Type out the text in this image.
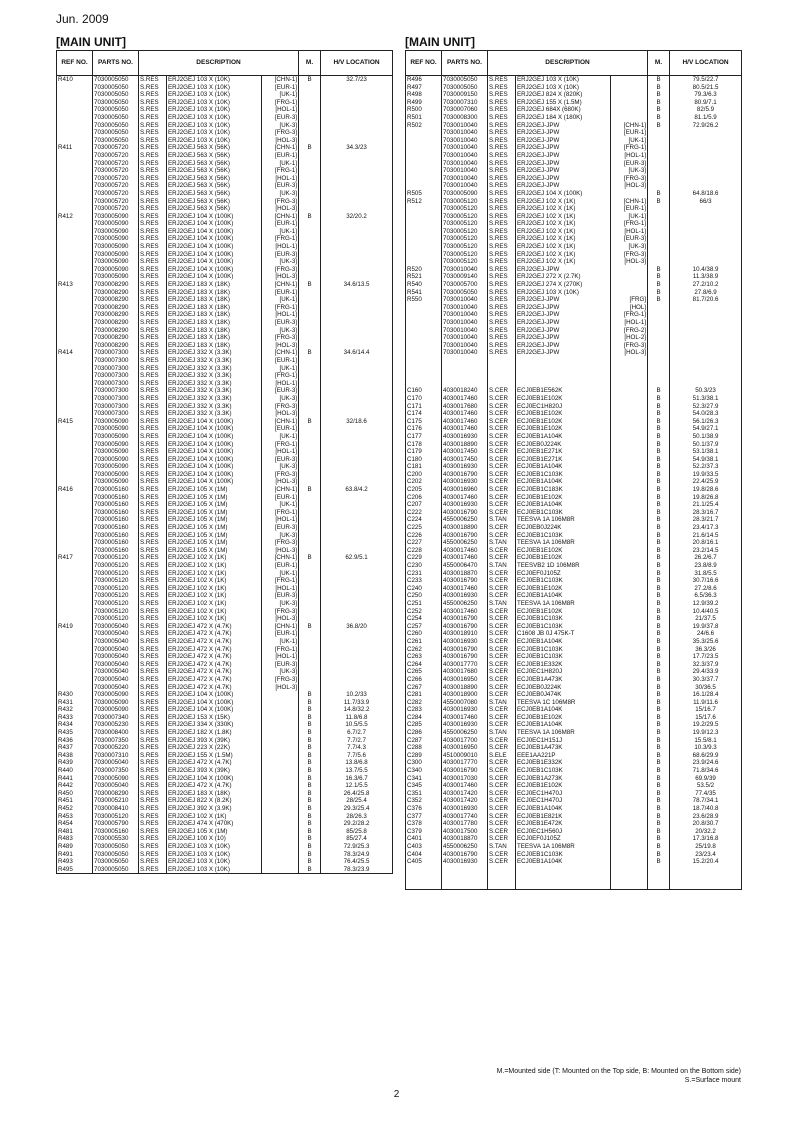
Jun. 2009
[MAIN UNIT]
REF NO.	PARTS NO.	DESCRIPTION			M.	H/V LOCATION
R410	7030005050	S.RES	ERJ2GEJ 103 X (10K)	[CHN-1]	B	32.7/23
	7030005050	S.RES	ERJ2GEJ 103 X (10K)	[EUR-1]		
	7030005050	S.RES	ERJ2GEJ 103 X (10K)	[UK-1]		
	7030005050	S.RES	ERJ2GEJ 103 X (10K)	[FRG-1]		
	7030005050	S.RES	ERJ2GEJ 103 X (10K)	[HOL-1]		
	7030005050	S.RES	ERJ2GEJ 103 X (10K)	[EUR-3]		
	7030005050	S.RES	ERJ2GEJ 103 X (10K)	[UK-3]		
	7030005050	S.RES	ERJ2GEJ 103 X (10K)	[FRG-3]		
	7030005050	S.RES	ERJ2GEJ 103 X (10K)	[HOL-3]		
R411	7030005720	S.RES	ERJ2GEJ 563 X (56K)	[CHN-1]	B	34.3/23
	7030005720	S.RES	ERJ2GEJ 563 X (56K)	[EUR-1]		
	7030005720	S.RES	ERJ2GEJ 563 X (56K)	[UK-1]		
	7030005720	S.RES	ERJ2GEJ 563 X (56K)	[FRG-1]		
	7030005720	S.RES	ERJ2GEJ 563 X (56K)	[HOL-1]		
	7030005720	S.RES	ERJ2GEJ 563 X (56K)	[EUR-3]		
	7030005720	S.RES	ERJ2GEJ 563 X (56K)	[UK-3]		
	7030005720	S.RES	ERJ2GEJ 563 X (56K)	[FRG-3]		
	7030005720	S.RES	ERJ2GEJ 563 X (56K)	[HOL-3]		
R412	7030005090	S.RES	ERJ2GEJ 104 X (100K)	[CHN-1]	B	32/20.2
	7030005090	S.RES	ERJ2GEJ 104 X (100K)	[EUR-1]		
	7030005090	S.RES	ERJ2GEJ 104 X (100K)	[UK-1]		
	7030005090	S.RES	ERJ2GEJ 104 X (100K)	[FRG-1]		
	7030005090	S.RES	ERJ2GEJ 104 X (100K)	[HOL-1]		
	7030005090	S.RES	ERJ2GEJ 104 X (100K)	[EUR-3]		
	7030005090	S.RES	ERJ2GEJ 104 X (100K)	[UK-3]		
	7030005090	S.RES	ERJ2GEJ 104 X (100K)	[FRG-3]		
	7030005090	S.RES	ERJ2GEJ 104 X (100K)	[HOL-3]		
R413	7030008290	S.RES	ERJ2GEJ 183 X (18K)	[CHN-1]	B	34.6/13.5
	7030008290	S.RES	ERJ2GEJ 183 X (18K)	[EUR-1]		
	7030008290	S.RES	ERJ2GEJ 183 X (18K)	[UK-1]		
	7030008290	S.RES	ERJ2GEJ 183 X (18K)	[FRG-1]		
	7030008290	S.RES	ERJ2GEJ 183 X (18K)	[HOL-1]		
	7030008290	S.RES	ERJ2GEJ 183 X (18K)	[EUR-3]		
	7030008290	S.RES	ERJ2GEJ 183 X (18K)	[UK-3]		
	7030008290	S.RES	ERJ2GEJ 183 X (18K)	[FRG-3]		
	7030008290	S.RES	ERJ2GEJ 183 X (18K)	[HOL-3]		
R414	7030007300	S.RES	ERJ2GEJ 332 X (3.3K)	[CHN-1]	B	34.6/14.4
	7030007300	S.RES	ERJ2GEJ 332 X (3.3K)	[EUR-1]		
	7030007300	S.RES	ERJ2GEJ 332 X (3.3K)	[UK-1]		
	7030007300	S.RES	ERJ2GEJ 332 X (3.3K)	[FRG-1]		
	7030007300	S.RES	ERJ2GEJ 332 X (3.3K)	[HOL-1]		
	7030007300	S.RES	ERJ2GEJ 332 X (3.3K)	[EUR-3]		
	7030007300	S.RES	ERJ2GEJ 332 X (3.3K)	[UK-3]		
	7030007300	S.RES	ERJ2GEJ 332 X (3.3K)	[FRG-3]		
	7030007300	S.RES	ERJ2GEJ 332 X (3.3K)	[HOL-3]		
R415	7030005090	S.RES	ERJ2GEJ 104 X (100K)	[CHN-1]	B	32/18.6
	7030005090	S.RES	ERJ2GEJ 104 X (100K)	[EUR-1]		
	7030005090	S.RES	ERJ2GEJ 104 X (100K)	[UK-1]		
	7030005090	S.RES	ERJ2GEJ 104 X (100K)	[FRG-1]		
	7030005090	S.RES	ERJ2GEJ 104 X (100K)	[HOL-1]		
	7030005090	S.RES	ERJ2GEJ 104 X (100K)	[EUR-3]		
	7030005090	S.RES	ERJ2GEJ 104 X (100K)	[UK-3]		
	7030005090	S.RES	ERJ2GEJ 104 X (100K)	[FRG-3]		
	7030005090	S.RES	ERJ2GEJ 104 X (100K)	[HOL-3]		
R416	7030005160	S.RES	ERJ2GEJ 105 X (1M)	[CHN-1]	B	63.8/4.2
	7030005160	S.RES	ERJ2GEJ 105 X (1M)	[EUR-1]		
	7030005160	S.RES	ERJ2GEJ 105 X (1M)	[UK-1]		
	7030005160	S.RES	ERJ2GEJ 105 X (1M)	[FRG-1]		
	7030005160	S.RES	ERJ2GEJ 105 X (1M)	[HOL-1]		
	7030005160	S.RES	ERJ2GEJ 105 X (1M)	[EUR-3]		
	7030005160	S.RES	ERJ2GEJ 105 X (1M)	[UK-3]		
	7030005160	S.RES	ERJ2GEJ 105 X (1M)	[FRG-3]		
	7030005160	S.RES	ERJ2GEJ 105 X (1M)	[HOL-3]		
R417	7030005120	S.RES	ERJ2GEJ 102 X (1K)	[CHN-1]	B	62.9/5.1
	7030005120	S.RES	ERJ2GEJ 102 X (1K)	[EUR-1]		
	7030005120	S.RES	ERJ2GEJ 102 X (1K)	[UK-1]		
	7030005120	S.RES	ERJ2GEJ 102 X (1K)	[FRG-1]		
	7030005120	S.RES	ERJ2GEJ 102 X (1K)	[HOL-1]		
	7030005120	S.RES	ERJ2GEJ 102 X (1K)	[EUR-3]		
	7030005120	S.RES	ERJ2GEJ 102 X (1K)	[UK-3]		
	7030005120	S.RES	ERJ2GEJ 102 X (1K)	[FRG-3]		
	7030005120	S.RES	ERJ2GEJ 102 X (1K)	[HOL-3]		
R419	7030005040	S.RES	ERJ2GEJ 472 X (4.7K)	[CHN-1]	B	36.8/20
	7030005040	S.RES	ERJ2GEJ 472 X (4.7K)	[EUR-1]		
	7030005040	S.RES	ERJ2GEJ 472 X (4.7K)	[UK-1]		
	7030005040	S.RES	ERJ2GEJ 472 X (4.7K)	[FRG-1]		
	7030005040	S.RES	ERJ2GEJ 472 X (4.7K)	[HOL-1]		
	7030005040	S.RES	ERJ2GEJ 472 X (4.7K)	[EUR-3]		
	7030005040	S.RES	ERJ2GEJ 472 X (4.7K)	[UK-3]		
	7030005040	S.RES	ERJ2GEJ 472 X (4.7K)	[FRG-3]		
	7030005040	S.RES	ERJ2GEJ 472 X (4.7K)	[HOL-3]		
R430	7030005090	S.RES	ERJ2GEJ 104 X (100K)		B	10.2/33
R431	7030005090	S.RES	ERJ2GEJ 104 X (100K)		B	11.7/33.9
R432	7030005090	S.RES	ERJ2GEJ 104 X (100K)		B	14.8/32.2
R433	7030007340	S.RES	ERJ2GEJ 153 X (15K)		B	11.8/6.8
R434	7030005230	S.RES	ERJ2GEJ 334 X (330K)		B	10.5/5.5
R435	7030008400	S.RES	ERJ2GEJ 182 X (1.8K)		B	6.7/2.7
R436	7030007350	S.RES	ERJ2GEJ 393 X (39K)		B	7.7/2.7
R437	7030005220	S.RES	ERJ2GEJ 223 X (22K)		B	7.7/4.3
R438	7030007310	S.RES	ERJ2GEJ 155 X (1.5M)		B	7.7/5.6
R439	7030005040	S.RES	ERJ2GEJ 472 X (4.7K)		B	13.8/6.8
R440	7030007350	S.RES	ERJ2GEJ 393 X (39K)		B	13.7/5.5
R441	7030005090	S.RES	ERJ2GEJ 104 X (100K)		B	16.3/6.7
R442	7030005040	S.RES	ERJ2GEJ 472 X (4.7K)		B	12.1/5.5
R450	7030008290	S.RES	ERJ2GEJ 183 X (18K)		B	26.4/25.8
R451	7030005210	S.RES	ERJ2GEJ 822 X (8.2K)		B	28/25.4
R452	7030008410	S.RES	ERJ2GEJ 392 X (3.9K)		B	29.3/25.4
R453	7030005120	S.RES	ERJ2GEJ 102 X (1K)		B	28/26.3
R454	7030005790	S.RES	ERJ2GEJ 474 X (470K)		B	29.2/28.2
R481	7030005160	S.RES	ERJ2GEJ 105 X (1M)		B	85/25.8
R483	7030005530	S.RES	ERJ2GEJ 100 X (10)		B	85/27.4
R489	7030005050	S.RES	ERJ2GEJ 103 X (10K)		B	72.9/25.3
R491	7030005050	S.RES	ERJ2GEJ 103 X (10K)		B	78.3/24.9
R493	7030005050	S.RES	ERJ2GEJ 103 X (10K)		B	76.4/25.5
R495	7030005050	S.RES	ERJ2GEJ 103 X (10K)		B	78.3/23.9
[MAIN UNIT]
REF NO.	PARTS NO.	DESCRIPTION			M.	H/V LOCATION
R496	7030005050	S.RES	ERJ2GEJ 103 X (10K)		B	79.5/22.7
R497	7030005050	S.RES	ERJ2GEJ 103 X (10K)		B	80.5/21.5
R498	7030009150	S.RES	ERJ2GEJ 824 X (820K)		B	79.3/6.3
R499	7030007310	S.RES	ERJ2GEJ 155 X (1.5M)		B	80.9/7.1
R500	7030007060	S.RES	ERJ2GEJ 684X (680K)		B	82/5.9
R501	7030008300	S.RES	ERJ2GEJ 184 X (180K)		B	81.1/5.9
R502	7030010040	S.RES	ERJ2GEJ-JPW	[CHN-1]	B	72.9/26.2
	7030010040	S.RES	ERJ2GEJ-JPW	[EUR-1]		
	7030010040	S.RES	ERJ2GEJ-JPW	[UK-1]		
	7030010040	S.RES	ERJ2GEJ-JPW	[FRG-1]		
	7030010040	S.RES	ERJ2GEJ-JPW	[HOL-1]		
	7030010040	S.RES	ERJ2GEJ-JPW	[EUR-3]		
	7030010040	S.RES	ERJ2GEJ-JPW	[UK-3]		
	7030010040	S.RES	ERJ2GEJ-JPW	[FRG-3]		
	7030010040	S.RES	ERJ2GEJ-JPW	[HOL-3]		
R505	7030005090	S.RES	ERJ2GEJ 104 X (100K)		B	64.8/18.6
R512	7030005120	S.RES	ERJ2GEJ 102 X (1K)	[CHN-1]	B	66/3
	7030005120	S.RES	ERJ2GEJ 102 X (1K)	[EUR-1]		
	7030005120	S.RES	ERJ2GEJ 102 X (1K)	[UK-1]		
	7030005120	S.RES	ERJ2GEJ 102 X (1K)	[FRG-1]		
	7030005120	S.RES	ERJ2GEJ 102 X (1K)	[HOL-1]		
	7030005120	S.RES	ERJ2GEJ 102 X (1K)	[EUR-3]		
	7030005120	S.RES	ERJ2GEJ 102 X (1K)	[UK-3]		
	7030005120	S.RES	ERJ2GEJ 102 X (1K)	[FRG-3]		
	7030005120	S.RES	ERJ2GEJ 102 X (1K)	[HOL-3]		
R520	7030010040	S.RES	ERJ2GEJ-JPW		B	10.4/38.9
R521	7030009140	S.RES	ERJ2GEJ 272 X (2.7K)		B	11.3/38.9
R540	7030005700	S.RES	ERJ2GEJ 274 X (270K)		B	27.2/10.2
R541	7030005050	S.RES	ERJ2GEJ 103 X (10K)		B	27.8/6.9
R550	7030010040	S.RES	ERJ2GEJ-JPW	[FRG]	B	81.7/20.6
	7030010040	S.RES	ERJ2GEJ-JPW	[HOL]		
	7030010040	S.RES	ERJ2GEJ-JPW	[FRG-1]		
	7030010040	S.RES	ERJ2GEJ-JPW	[HOL-1]		
	7030010040	S.RES	ERJ2GEJ-JPW	[FRG-2]		
	7030010040	S.RES	ERJ2GEJ-JPW	[HOL-2]		
	7030010040	S.RES	ERJ2GEJ-JPW	[FRG-3]		
	7030010040	S.RES	ERJ2GEJ-JPW	[HOL-3]		

C160	4030018240	S.CER	ECJ0EB1E562K		B	50.3/23
C170	4030017460	S.CER	ECJ0EB1E102K		B	51.3/38.1
C171	4030017680	S.CER	ECJ0EC1H820J		B	52.3/27.9
C174	4030017460	S.CER	ECJ0EB1E102K		B	54.0/28.3
C175	4030017460	S.CER	ECJ0EB1E102K		B	56.1/26.3
C176	4030017460	S.CER	ECJ0EB1E102K		B	54.9/27.1
C177	4030016930	S.CER	ECJ0EB1A104K		B	50.1/38.9
C178	4030018890	S.CER	ECJ0EB0J224K		B	50.1/37.9
C179	4030017450	S.CER	ECJ0EB1E271K		B	53.1/38.1
C180	4030017450	S.CER	ECJ0EB1E271K		B	54.9/38.1
C181	4030016930	S.CER	ECJ0EB1A104K		B	52.2/37.3
C200	4030016790	S.CER	ECJ0EB1C103K		B	19.9/33.5
C202	4030016930	S.CER	ECJ0EB1A104K		B	22.4/25.9
C205	4030016960	S.CER	ECJ0EB1C183K		B	19.8/28.6
C206	4030017460	S.CER	ECJ0EB1E102K		B	19.8/26.8
C207	4030016930	S.CER	ECJ0EB1A104K		B	21.1/25.4
C222	4030016790	S.CER	ECJ0EB1C103K		B	28.3/16.7
C224	4550006250	S.TAN	TEESVA 1A 106M8R		B	28.3/21.7
C225	4030018890	S.CER	ECJ0EB0J224K		B	23.4/17.3
C226	4030016790	S.CER	ECJ0EB1C103K		B	21.6/14.5
C227	4550006250	S.TAN	TEESVA 1A 106M8R		B	20.8/16.1
C228	4030017460	S.CER	ECJ0EB1E102K		B	23.2/14.5
C229	4030017460	S.CER	ECJ0EB1E102K		B	26.2/6.7
C230	4550006470	S.TAN	TEESVB2 1D 106M8R		B	23.8/8.9
C231	4030018870	S.CER	ECJ0EF0J105Z		B	31.8/5.5
C233	4030016790	S.CER	ECJ0EB1C103K		B	30.7/16.6
C240	4030017460	S.CER	ECJ0EB1E102K		B	27.2/8.6
C250	4030016930	S.CER	ECJ0EB1A104K		B	6.5/36.3
C251	4550006250	S.TAN	TEESVA 1A 106M8R		B	12.9/39.2
C252	4030017460	S.CER	ECJ0EB1E102K		B	10.4/40.5
C254	4030016790	S.CER	ECJ0EB1C103K		B	21/37.5
C257	4030016790	S.CER	ECJ0EB1C103K		B	19.9/37.8
C260	4030018910	S.CER	C1608 JB 0J 475K-T		B	24/6.6
C261	4030016930	S.CER	ECJ0EB1A104K		B	35.3/25.6
C262	4030016790	S.CER	ECJ0EB1C103K		B	36.3/26
C263	4030016790	S.CER	ECJ0EB1C103K		B	17.7/23.5
C264	4030017770	S.CER	ECJ0EB1E332K		B	32.3/37.9
C265	4030017680	S.CER	ECJ0EC1H820J		B	29.4/33.9
C266	4030016950	S.CER	ECJ0EB1A473K		B	30.3/37.7
C267	4030018890	S.CER	ECJ0EB0J224K		B	30/36.5
C281	4030018900	S.CER	ECJ0EB0J474K		B	16.1/28.4
C282	4550007080	S.TAN	TEESVA 1C 106M8R		B	11.9/11.6
C283	4030016930	S.CER	ECJ0EB1A104K		B	15/16.7
C284	4030017460	S.CER	ECJ0EB1E102K		B	15/17.6
C285	4030016930	S.CER	ECJ0EB1A104K		B	19.2/29.5
C286	4550006250	S.TAN	TEESVA 1A 106M8R		B	19.9/12.3
C287	4030017700	S.CER	ECJ0EC1H151J		B	15.5/8.1
C288	4030016950	S.CER	ECJ0EB1A473K		B	10.3/9.3
C289	4510009010	S.ELE	EEE1AA221P		B	68.6/29.9
C300	4030017770	S.CER	ECJ0EB1E332K		B	23.9/24.6
C340	4030016790	S.CER	ECJ0EB1C103K		B	71.8/34.6
C341	4030017030	S.CER	ECJ0EB1A273K		B	69.9/39
C345	4030017460	S.CER	ECJ0EB1E102K		B	53.5/2
C351	4030017420	S.CER	ECJ0EC1H470J		B	77.4/35
C352	4030017420	S.CER	ECJ0EC1H470J		B	78.7/34.1
C376	4030016930	S.CER	ECJ0EB1A104K		B	18.7/40.8
C377	4030017740	S.CER	ECJ0EB1E821K		B	23.6/28.9
C378	4030017780	S.CER	ECJ0EB1E472K		B	20.8/30.7
C379	4030017500	S.CER	ECJ0EC1H560J		B	20/32.2
C401	4030018870	S.CER	ECJ0EF0J105Z		B	17.3/16.8
C403	4550006250	S.TAN	TEESVA 1A 106M8R		B	25/19.8
C404	4030016790	S.CER	ECJ0EB1C103K		B	23/23.4
C405	4030016930	S.CER	ECJ0EB1A104K		B	15.2/20.4

M.=Mounted side (T: Mounted on the Top side, B: Mounted on the Bottom side)
S.=Surface mount
2
